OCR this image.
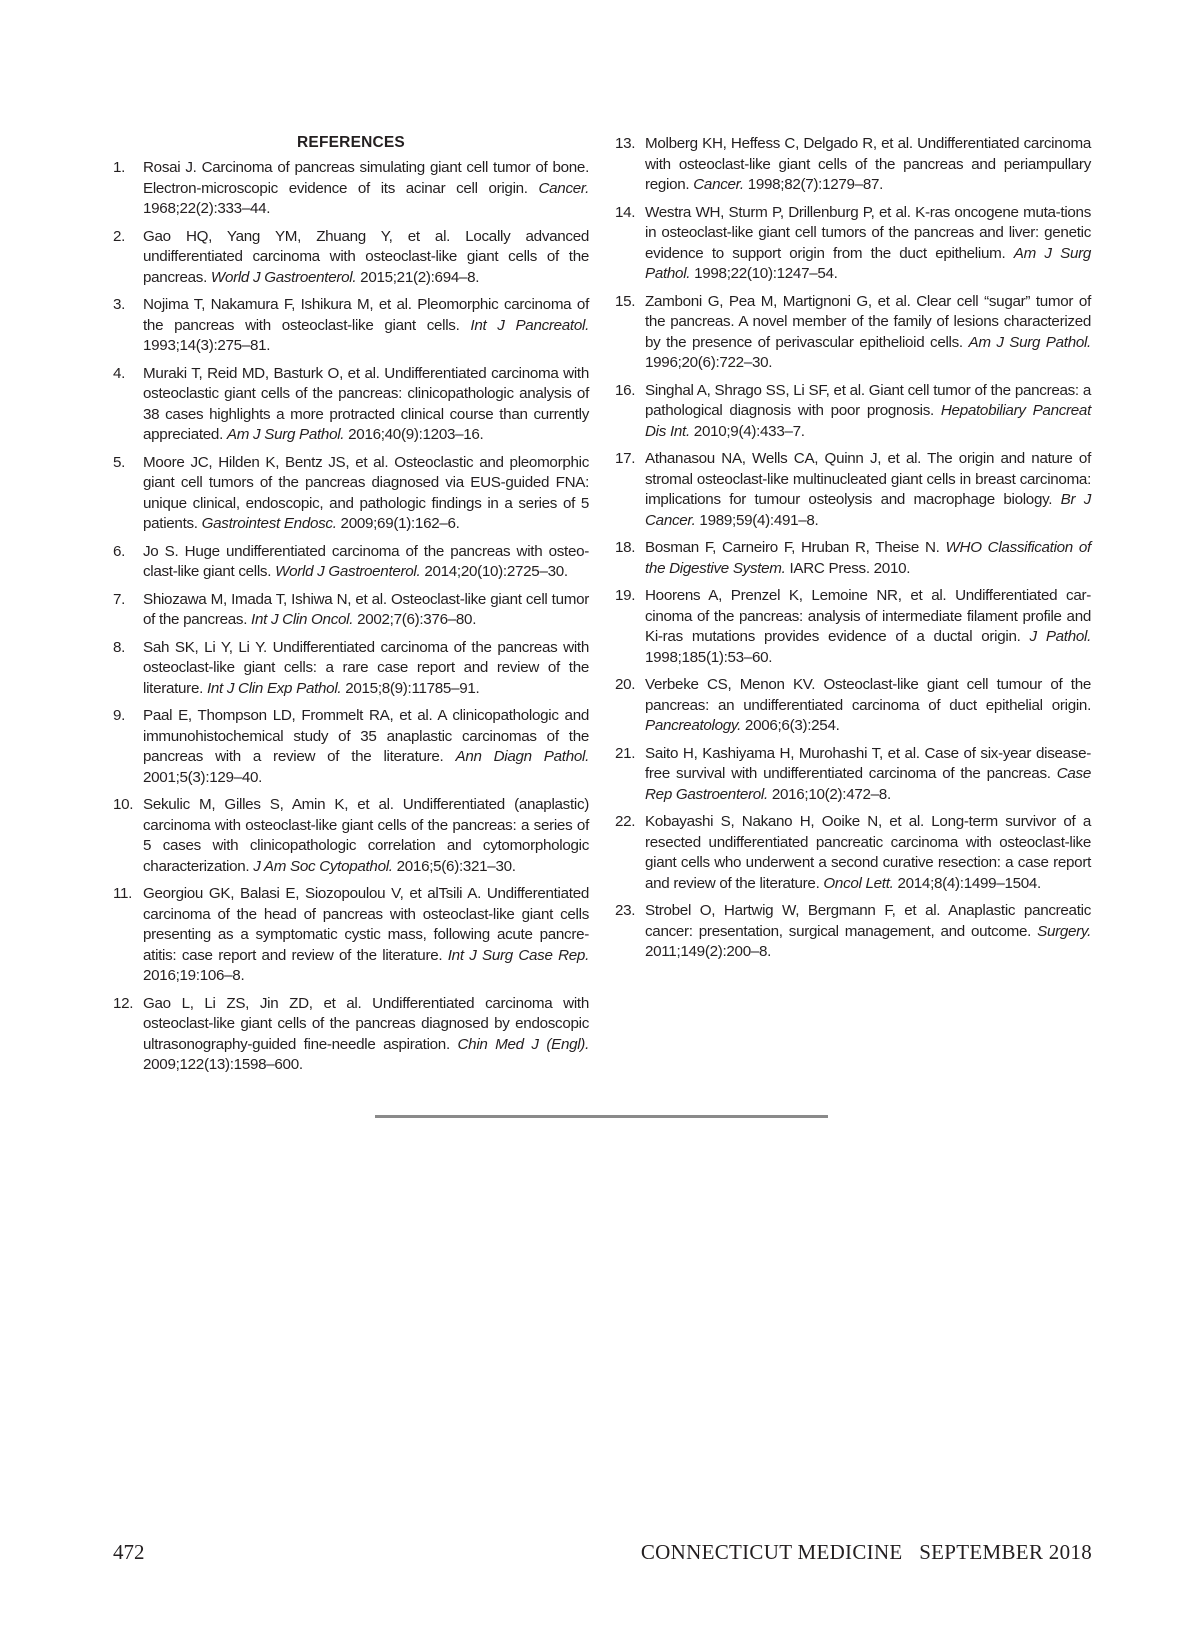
REFERENCES
1. Rosai J. Carcinoma of pancreas simulating giant cell tumor of bone. Electron-microscopic evidence of its acinar cell origin. Cancer. 1968;22(2):333–44.
2. Gao HQ, Yang YM, Zhuang Y, et al. Locally advanced undifferentiated carcinoma with osteoclast-like giant cells of the pancreas. World J Gastroenterol. 2015;21(2):694–8.
3. Nojima T, Nakamura F, Ishikura M, et al. Pleomorphic carcinoma of the pancreas with osteoclast-like giant cells. Int J Pancreatol. 1993;14(3):275–81.
4. Muraki T, Reid MD, Basturk O, et al. Undifferentiated carcinoma with osteoclastic giant cells of the pancreas: clinicopathologic analysis of 38 cases highlights a more protracted clinical course than currently appreciated. Am J Surg Pathol. 2016;40(9):1203–16.
5. Moore JC, Hilden K, Bentz JS, et al. Osteoclastic and pleomorphic giant cell tumors of the pancreas diagnosed via EUS-guided FNA: unique clinical, endoscopic, and pathologic findings in a series of 5 patients. Gastrointest Endosc. 2009;69(1):162–6.
6. Jo S. Huge undifferentiated carcinoma of the pancreas with osteo-clast-like giant cells. World J Gastroenterol. 2014;20(10):2725–30.
7. Shiozawa M, Imada T, Ishiwa N, et al. Osteoclast-like giant cell tumor of the pancreas. Int J Clin Oncol. 2002;7(6):376–80.
8. Sah SK, Li Y, Li Y. Undifferentiated carcinoma of the pancreas with osteoclast-like giant cells: a rare case report and review of the literature. Int J Clin Exp Pathol. 2015;8(9):11785–91.
9. Paal E, Thompson LD, Frommelt RA, et al. A clinicopathologic and immunohistochemical study of 35 anaplastic carcinomas of the pancreas with a review of the literature. Ann Diagn Pathol. 2001;5(3):129–40.
10. Sekulic M, Gilles S, Amin K, et al. Undifferentiated (anaplastic) carcinoma with osteoclast-like giant cells of the pancreas: a series of 5 cases with clinicopathologic correlation and cytomorphologic characterization. J Am Soc Cytopathol. 2016;5(6):321–30.
11. Georgiou GK, Balasi E, Siozopoulou V, et alTsili A. Undifferentiated carcinoma of the head of pancreas with osteoclast-like giant cells presenting as a symptomatic cystic mass, following acute pancre-atitis: case report and review of the literature. Int J Surg Case Rep. 2016;19:106–8.
12. Gao L, Li ZS, Jin ZD, et al. Undifferentiated carcinoma with osteoclast-like giant cells of the pancreas diagnosed by endoscopic ultrasonography-guided fine-needle aspiration. Chin Med J (Engl). 2009;122(13):1598–600.
13. Molberg KH, Heffess C, Delgado R, et al. Undifferentiated carcinoma with osteoclast-like giant cells of the pancreas and periampullary region. Cancer. 1998;82(7):1279–87.
14. Westra WH, Sturm P, Drillenburg P, et al. K-ras oncogene muta-tions in osteoclast-like giant cell tumors of the pancreas and liver: genetic evidence to support origin from the duct epithelium. Am J Surg Pathol. 1998;22(10):1247–54.
15. Zamboni G, Pea M, Martignoni G, et al. Clear cell “sugar” tumor of the pancreas. A novel member of the family of lesions characterized by the presence of perivascular epithelioid cells. Am J Surg Pathol. 1996;20(6):722–30.
16. Singhal A, Shrago SS, Li SF, et al. Giant cell tumor of the pancreas: a pathological diagnosis with poor prognosis. Hepatobiliary Pancreat Dis Int. 2010;9(4):433–7.
17. Athanasou NA, Wells CA, Quinn J, et al. The origin and nature of stromal osteoclast-like multinucleated giant cells in breast carcinoma: implications for tumour osteolysis and macrophage biology. Br J Cancer. 1989;59(4):491–8.
18. Bosman F, Carneiro F, Hruban R, Theise N. WHO Classification of the Digestive System. IARC Press. 2010.
19. Hoorens A, Prenzel K, Lemoine NR, et al. Undifferentiated car-cinoma of the pancreas: analysis of intermediate filament profile and Ki-ras mutations provides evidence of a ductal origin. J Pathol. 1998;185(1):53–60.
20. Verbeke CS, Menon KV. Osteoclast-like giant cell tumour of the pancreas: an undifferentiated carcinoma of duct epithelial origin. Pancreatology. 2006;6(3):254.
21. Saito H, Kashiyama H, Murohashi T, et al. Case of six-year disease-free survival with undifferentiated carcinoma of the pancreas. Case Rep Gastroenterol. 2016;10(2):472–8.
22. Kobayashi S, Nakano H, Ooike N, et al. Long-term survivor of a resected undifferentiated pancreatic carcinoma with osteoclast-like giant cells who underwent a second curative resection: a case report and review of the literature. Oncol Lett. 2014;8(4):1499–1504.
23. Strobel O, Hartwig W, Bergmann F, et al. Anaplastic pancreatic cancer: presentation, surgical management, and outcome. Surgery. 2011;149(2):200–8.
472	CONNECTICUT MEDICINE   SEPTEMBER 2018
